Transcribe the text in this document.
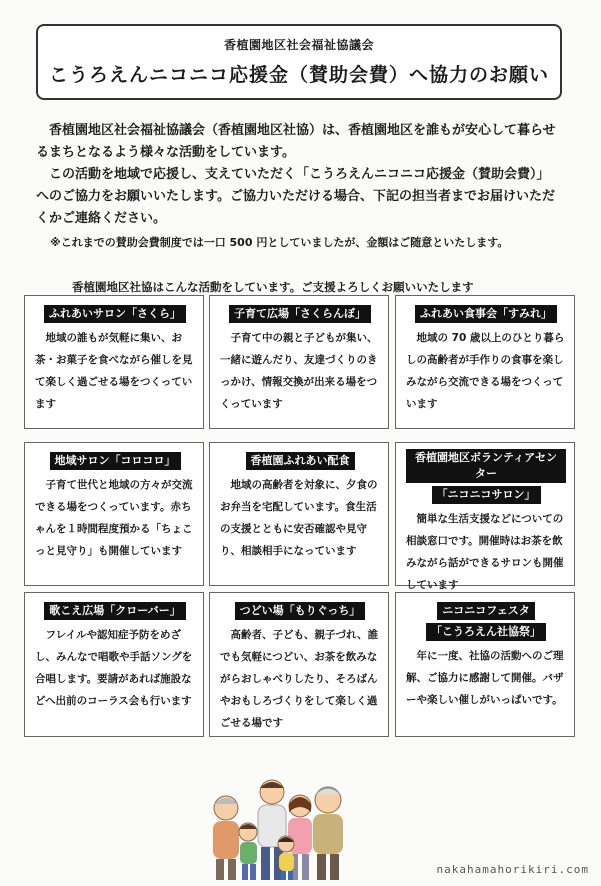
香植園地区社会福祉協議会
こうろえんニコニコ応援金（賛助会費）へ協力のお願い

香植園地区社会福祉協議会（香植園地区社協）は、香植園地区を誰もが安心して暮らせるまちとなるよう様々な活動をしています。

この活動を地域で応援し、支えていただく「こうろえんニコニコ応援金（賛助会費）」へのご協力をお願いいたします。ご協力いただける場合、下記の担当者までお届けいただくかご連絡ください。

※これまでの賛助会費制度では一口 500 円としていましたが、金額はご随意といたします。
香植園地区社協はこんな活動をしています。ご支援よろしくお願いいたします
ふれあいサロン「さくら」
地域の誰もが気軽に集い、お茶・お菓子を食べながら催しを見て楽しく過ごせる場をつくっています
子育て広場「さくらんぼ」
子育て中の親と子どもが集い、一緒に遊んだり、友達づくりのきっかけ、情報交換が出来る場をつくっています
ふれあい食事会「すみれ」
地域の 70 歳以上のひとり暮らしの高齢者が手作りの食事を楽しみながら交流できる場をつくっています
地域サロン「コロコロ」
子育て世代と地域の方々が交流できる場をつくっています。赤ちゃんを１時間程度預かる「ちょこっと見守り」も開催しています
香植園ふれあい配食
地域の高齢者を対象に、夕食のお弁当を宅配しています。食生活の支援とともに安否確認や見守り、相談相手になっています
香植園地区ボランティアセンター
「ニコニコサロン」
簡単な生活支援などについての相談窓口です。開催時はお茶を飲みながら話ができるサロンも開催しています
歌こえ広場「クローバー」
フレイルや認知症予防をめざし、みんなで唱歌や手話ソングを合唱します。要請があれば施設などへ出前のコーラス会も行います
つどい場「もりぐっち」
高齢者、子ども、親子づれ、誰でも気軽につどい、お茶を飲みながらおしゃべりしたり、そろばんやおもしろづくりをして楽しく過ごせる場です
ニコニコフェスタ
「こうろえん社協祭」
年に一度、社協の活動へのご理解、ご協力に感謝して開催。バザーや楽しい催しがいっぱいです。
nakahamahorikiri.com
